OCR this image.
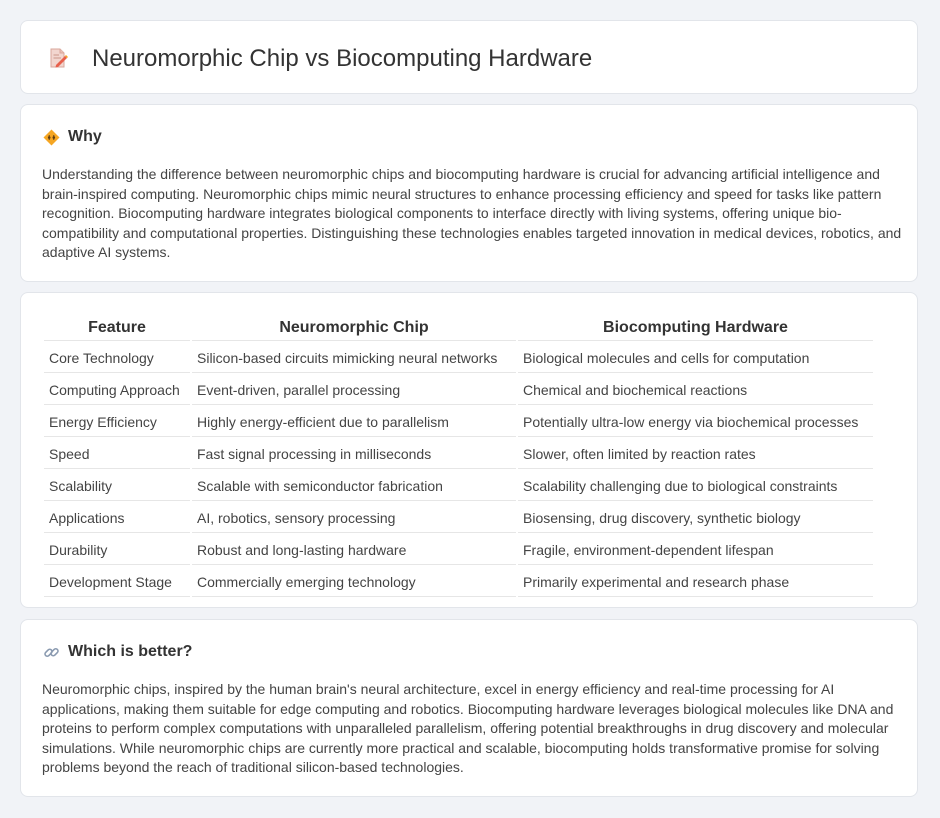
Neuromorphic Chip vs Biocomputing Hardware
Why

Understanding the difference between neuromorphic chips and biocomputing hardware is crucial for advancing artificial intelligence and brain-inspired computing. Neuromorphic chips mimic neural structures to enhance processing efficiency and speed for tasks like pattern recognition. Biocomputing hardware integrates biological components to interface directly with living systems, offering unique bio-compatibility and computational properties. Distinguishing these technologies enables targeted innovation in medical devices, robotics, and adaptive AI systems.

Feature	Neuromorphic Chip	Biocomputing Hardware
Core Technology	Silicon-based circuits mimicking neural networks	Biological molecules and cells for computation
Computing Approach	Event-driven, parallel processing	Chemical and biochemical reactions
Energy Efficiency	Highly energy-efficient due to parallelism	Potentially ultra-low energy via biochemical processes
Speed	Fast signal processing in milliseconds	Slower, often limited by reaction rates
Scalability	Scalable with semiconductor fabrication	Scalability challenging due to biological constraints
Applications	AI, robotics, sensory processing	Biosensing, drug discovery, synthetic biology
Durability	Robust and long-lasting hardware	Fragile, environment-dependent lifespan
Development Stage	Commercially emerging technology	Primarily experimental and research phase
Which is better?

Neuromorphic chips, inspired by the human brain's neural architecture, excel in energy efficiency and real-time processing for AI applications, making them suitable for edge computing and robotics. Biocomputing hardware leverages biological molecules like DNA and proteins to perform complex computations with unparalleled parallelism, offering potential breakthroughs in drug discovery and molecular simulations. While neuromorphic chips are currently more practical and scalable, biocomputing holds transformative promise for solving problems beyond the reach of traditional silicon-based technologies.
